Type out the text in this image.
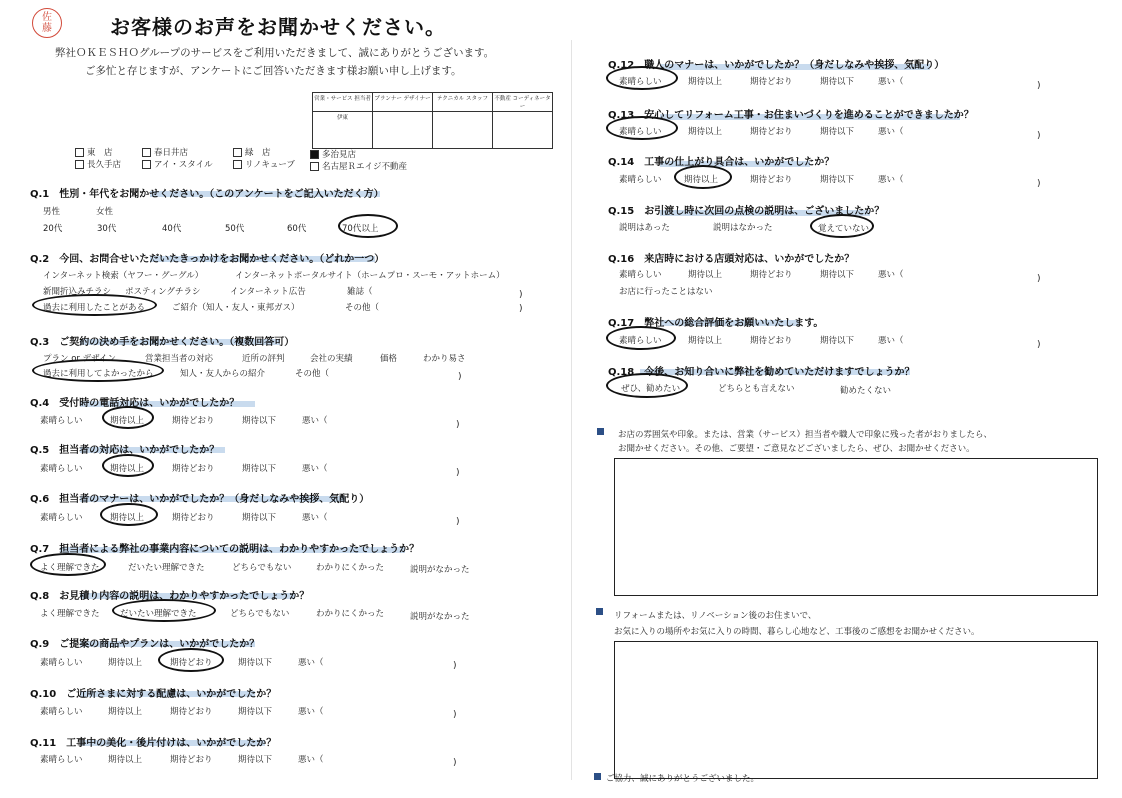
佐
藤	お客様のお声をお聞かせください。
弊社ＯＫＥＳＨＯグループのサービスをご利用いただきまして、誠にありがとうございます。
ご多忙と存じますが、アンケートにご回答いただきます様お願い申し上げます。
営業・サービス 担当者	プランナー デザイナー	テクニカル スタッフ	不動産 コーディネーター
伊東			
東　店	春日井店	緑　店
長久手店	アイ・スタイル	リノキューブ
多治見店
名古屋Ｒエイジ不動産
Q.1　 性別・年代をお聞かせください。（このアンケートをご記入いただく方）
男性	女性
20代	30代	40代	50代	60代	70代以上
Q.2　 今回、お問合せいただいたきっかけをお聞かせください。（どれか一つ）
インターネット検索（ヤフー・グーグル）	インターネットポータルサイト（ホームプロ・スーモ・アットホーム）
新聞折込みチラシ ポスティングチラシ	インターネット広告	雑誌（	)
過去に利用したことがある	ご紹介（知人・友人・東邦ガス）	その他（	)
Q.3　 ご契約の決め手をお聞かせください。（複数回答可）
プラン or デザイン	営業担当者の対応	近所の評判	会社の実績	価格	わかり易さ
過去に利用してよかったから	知人・友人からの紹介	その他（	)
Q.4　 受付時の電話対応は、いかがでしたか？
素晴らしい	期待以上	期待どおり	期待以下	悪い（	)
Q.5　 担当者の対応は、いかがでしたか？
素晴らしい	期待以上	期待どおり	期待以下	悪い（	)
Q.6　 担当者のマナーは、いかがでしたか？（身だしなみや挨拶、気配り）
素晴らしい	期待以上	期待どおり	期待以下	悪い（	)
Q.7　 担当者による弊社の事業内容についての説明は、わかりやすかったでしょうか？
よく理解できた	だいたい理解できた	どちらでもない	わかりにくかった	説明がなかった
Q.8　 お見積り内容の説明は、わかりやすかったでしょうか？
よく理解できた だいたい理解できた	どちらでもない	わかりにくかった	説明がなかった
Q.9　 ご提案の商品やプランは、いかがでしたか？
素晴らしい	期待以上	期待どおり	期待以下	悪い（	)
Q.10　 ご近所さまに対する配慮は、いかがでしたか？
素晴らしい	期待以上	期待どおり	期待以下	悪い（	)
Q.11　 工事中の美化・後片付けは、いかがでしたか？
素晴らしい	期待以上	期待どおり	期待以下	悪い（	)
Q.12　 職人のマナーは、いかがでしたか？（身だしなみや挨拶、気配り）
素晴らしい	期待以上	期待どおり	期待以下	悪い（	)
Q.13　 安心してリフォーム工事・お住まいづくりを進めることができましたか？
素晴らしい	期待以上	期待どおり	期待以下	悪い（	)
Q.14　 工事の仕上がり具合は、いかがでしたか？
素晴らしい	期待以上	期待どおり	期待以下	悪い（	)
Q.15　 お引渡し時に次回の点検の説明は、ございましたか？
説明はあった	説明はなかった	覚えていない
Q.16　 来店時における店頭対応は、いかがでしたか？
素晴らしい	期待以上	期待どおり	期待以下	悪い（	)
お店に行ったことはない
Q.17　 弊社への総合評価をお願いいたします。
素晴らしい	期待以上	期待どおり	期待以下	悪い（	)
Q.18　 今後、お知り合いに弊社を勧めていただけますでしょうか？
ぜひ、勧めたい	どちらとも言えない	勧めたくない
お店の雰囲気や印象。または、営業（サービス）担当者や職人で印象に残った者がおりましたら、
お聞かせください。その他、ご要望・ご意見などございましたら、ぜひ、お聞かせください。
リフォームまたは、リノベーション後のお住まいで、
お気に入りの場所やお気に入りの時間、暮らし心地など、工事後のご感想をお聞かせください。
ご協力、誠にありがとうございました。
